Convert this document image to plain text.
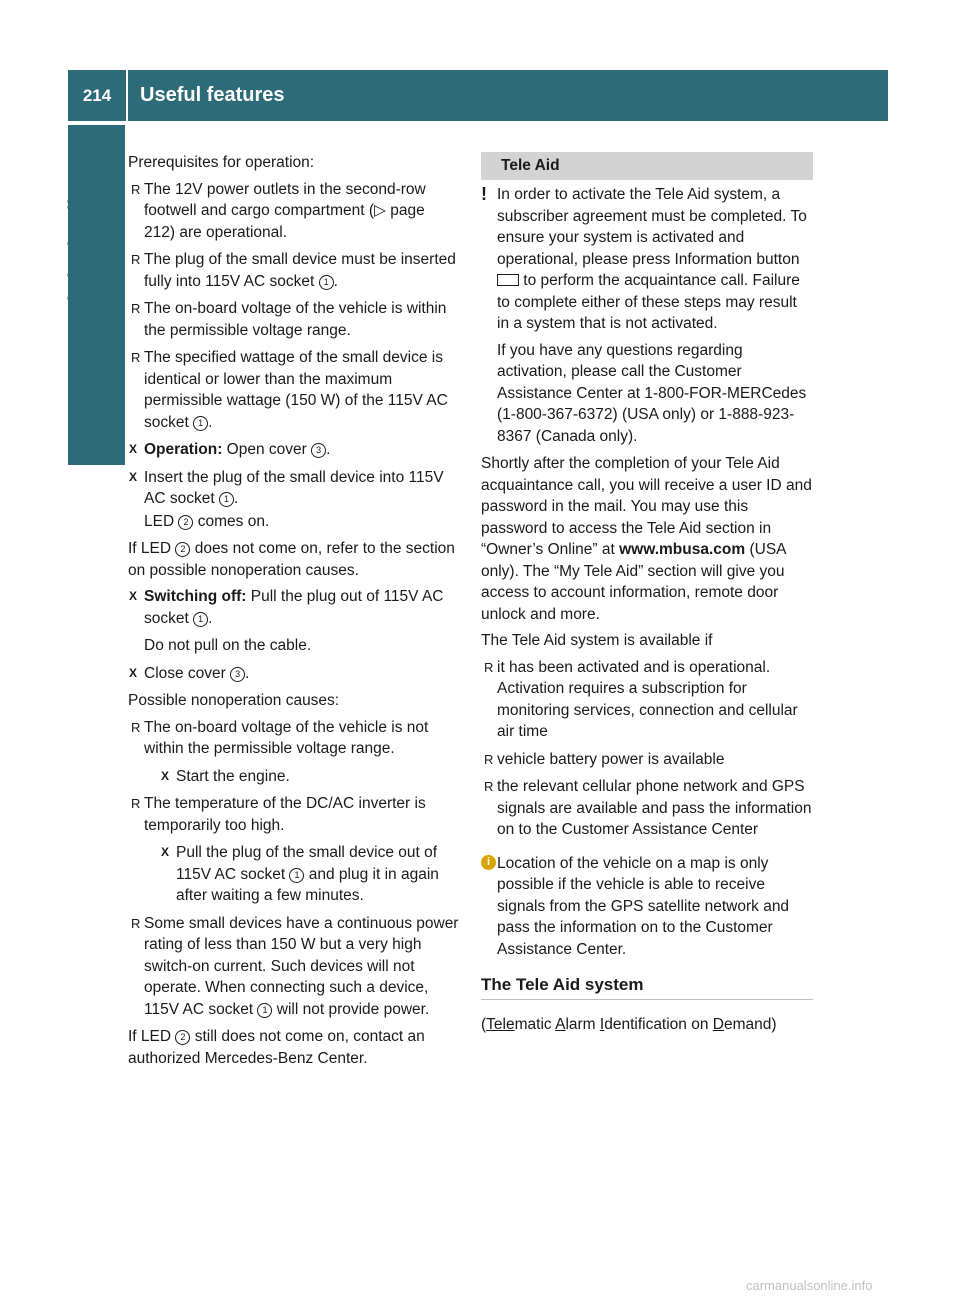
214	Useful features
Controls in detail

Prerequisites for operation:

R The 12V power outlets in the second-row footwell and cargo compartment (▷ page 212) are operational.
R The plug of the small device must be inserted fully into 115V AC socket 1 .
R The on-board voltage of the vehicle is within the permissible voltage range.
R The specified wattage of the small device is identical or lower than the maximum permissible wattage (150 W) of the 115V AC socket 1 .
X Operation: Open cover 3 .
X Insert the plug of the small device into 115V AC socket 1 .
LED 2 comes on.

If LED 2 does not come on, refer to the section on possible nonoperation causes.

X Switching off: Pull the plug out of 115V AC socket 1 .
Do not pull on the cable.
X Close cover 3 .

Possible nonoperation causes:

R The on-board voltage of the vehicle is not within the permissible voltage range.
X Start the engine.
R The temperature of the DC/AC inverter is temporarily too high.
X Pull the plug of the small device out of 115V AC socket 1 and plug it in again after waiting a few minutes.
R Some small devices have a continuous power rating of less than 150 W but a very high switch-on current. Such devices will not operate. When connecting such a device, 115V AC socket 1 will not provide power.

If LED 2 still does not come on, contact an authorized Mercedes-Benz Center.

Tele Aid
! In order to activate the Tele Aid system, a subscriber agreement must be completed. To ensure your system is activated and operational, please press Information button  to perform the acquaintance call. Failure to complete either of these steps may result in a system that is not activated.
If you have any questions regarding activation, please call the Customer Assistance Center at 1-800-FOR-MERCedes (1-800-367-6372) (USA only) or 1-888-923-8367 (Canada only).

Shortly after the completion of your Tele Aid acquaintance call, you will receive a user ID and password in the mail. You may use this password to access the Tele Aid section in “Owner’s Online” at www.mbusa.com (USA only). The “My Tele Aid” section will give you access to account information, remote door unlock and more.

The Tele Aid system is available if

R it has been activated and is operational. Activation requires a subscription for monitoring services, connection and cellular air time
R vehicle battery power is available
R the relevant cellular phone network and GPS signals are available and pass the information on to the Customer Assistance Center
i Location of the vehicle on a map is only possible if the vehicle is able to receive signals from the GPS satellite network and pass the information on to the Customer Assistance Center.
The Tele Aid system

(Telematic Alarm Identification on Demand)

carmanualsonline.info
